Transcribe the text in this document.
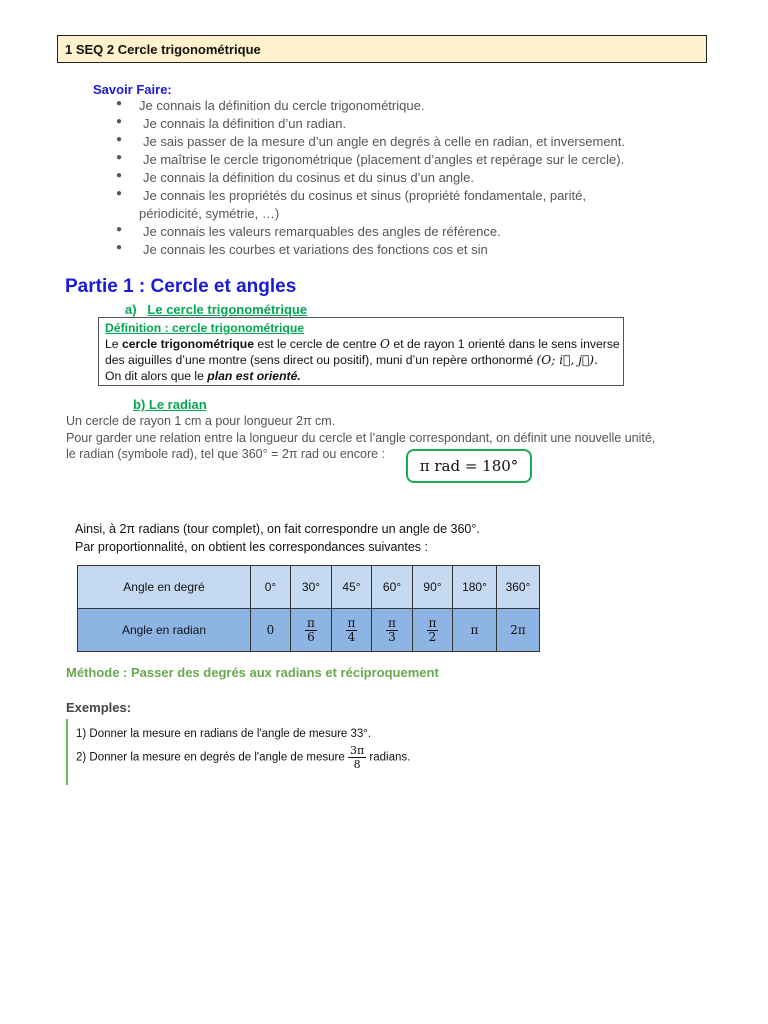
1 SEQ 2 Cercle trigonométrique
Savoir Faire:
● Je connais la définition du cercle trigonométrique.
● Je connais la définition d’un radian.
● Je sais passer de la mesure d’un angle en degrés à celle en radian, et inversement.
● Je maîtrise le cercle trigonométrique (placement d’angles et repérage sur le cercle).
● Je connais la définition du cosinus et du sinus d’un angle.
● Je connais les propriétés du cosinus et sinus (propriété fondamentale, parité,
périodicité, symétrie, …)
● Je connais les valeurs remarquables des angles de référence.
● Je connais les courbes et variations des fonctions cos et sin
Partie 1 : Cercle et angles
a) Le cercle trigonométrique
Définition : cercle trigonométrique
Le cercle trigonométrique est le cercle de centre O et de rayon 1 orienté dans le sens inverse
des aiguilles d’une montre (sens direct ou positif), muni d’un repère orthonormé (O; i⃗, j⃗).
On dit alors que le plan est orienté.
b) Le radian
Un cercle de rayon 1 cm a pour longueur 2π cm.
Pour garder une relation entre la longueur du cercle et l’angle correspondant, on définit une nouvelle unité,
le radian (symbole rad), tel que 360° = 2π rad ou encore :
π rad = 180°
Ainsi, à 2π radians (tour complet), on fait correspondre un angle de 360°.
Par proportionnalité, on obtient les correspondances suivantes :
Angle en degré	0°	30°	45°	60°	90°	180°	360°
Angle en radian	0	$\frac{\pi}{6}$	$\frac{\pi}{4}$	$\frac{\pi}{3}$	$\frac{\pi}{2}$	π	2π
Méthode : Passer des degrés aux radians et réciproquement
Exemples:
1) Donner la mesure en radians de l'angle de mesure 33°.
2) Donner la mesure en degrés de l'angle de mesure $\frac{3\pi}{8}$ radians.
